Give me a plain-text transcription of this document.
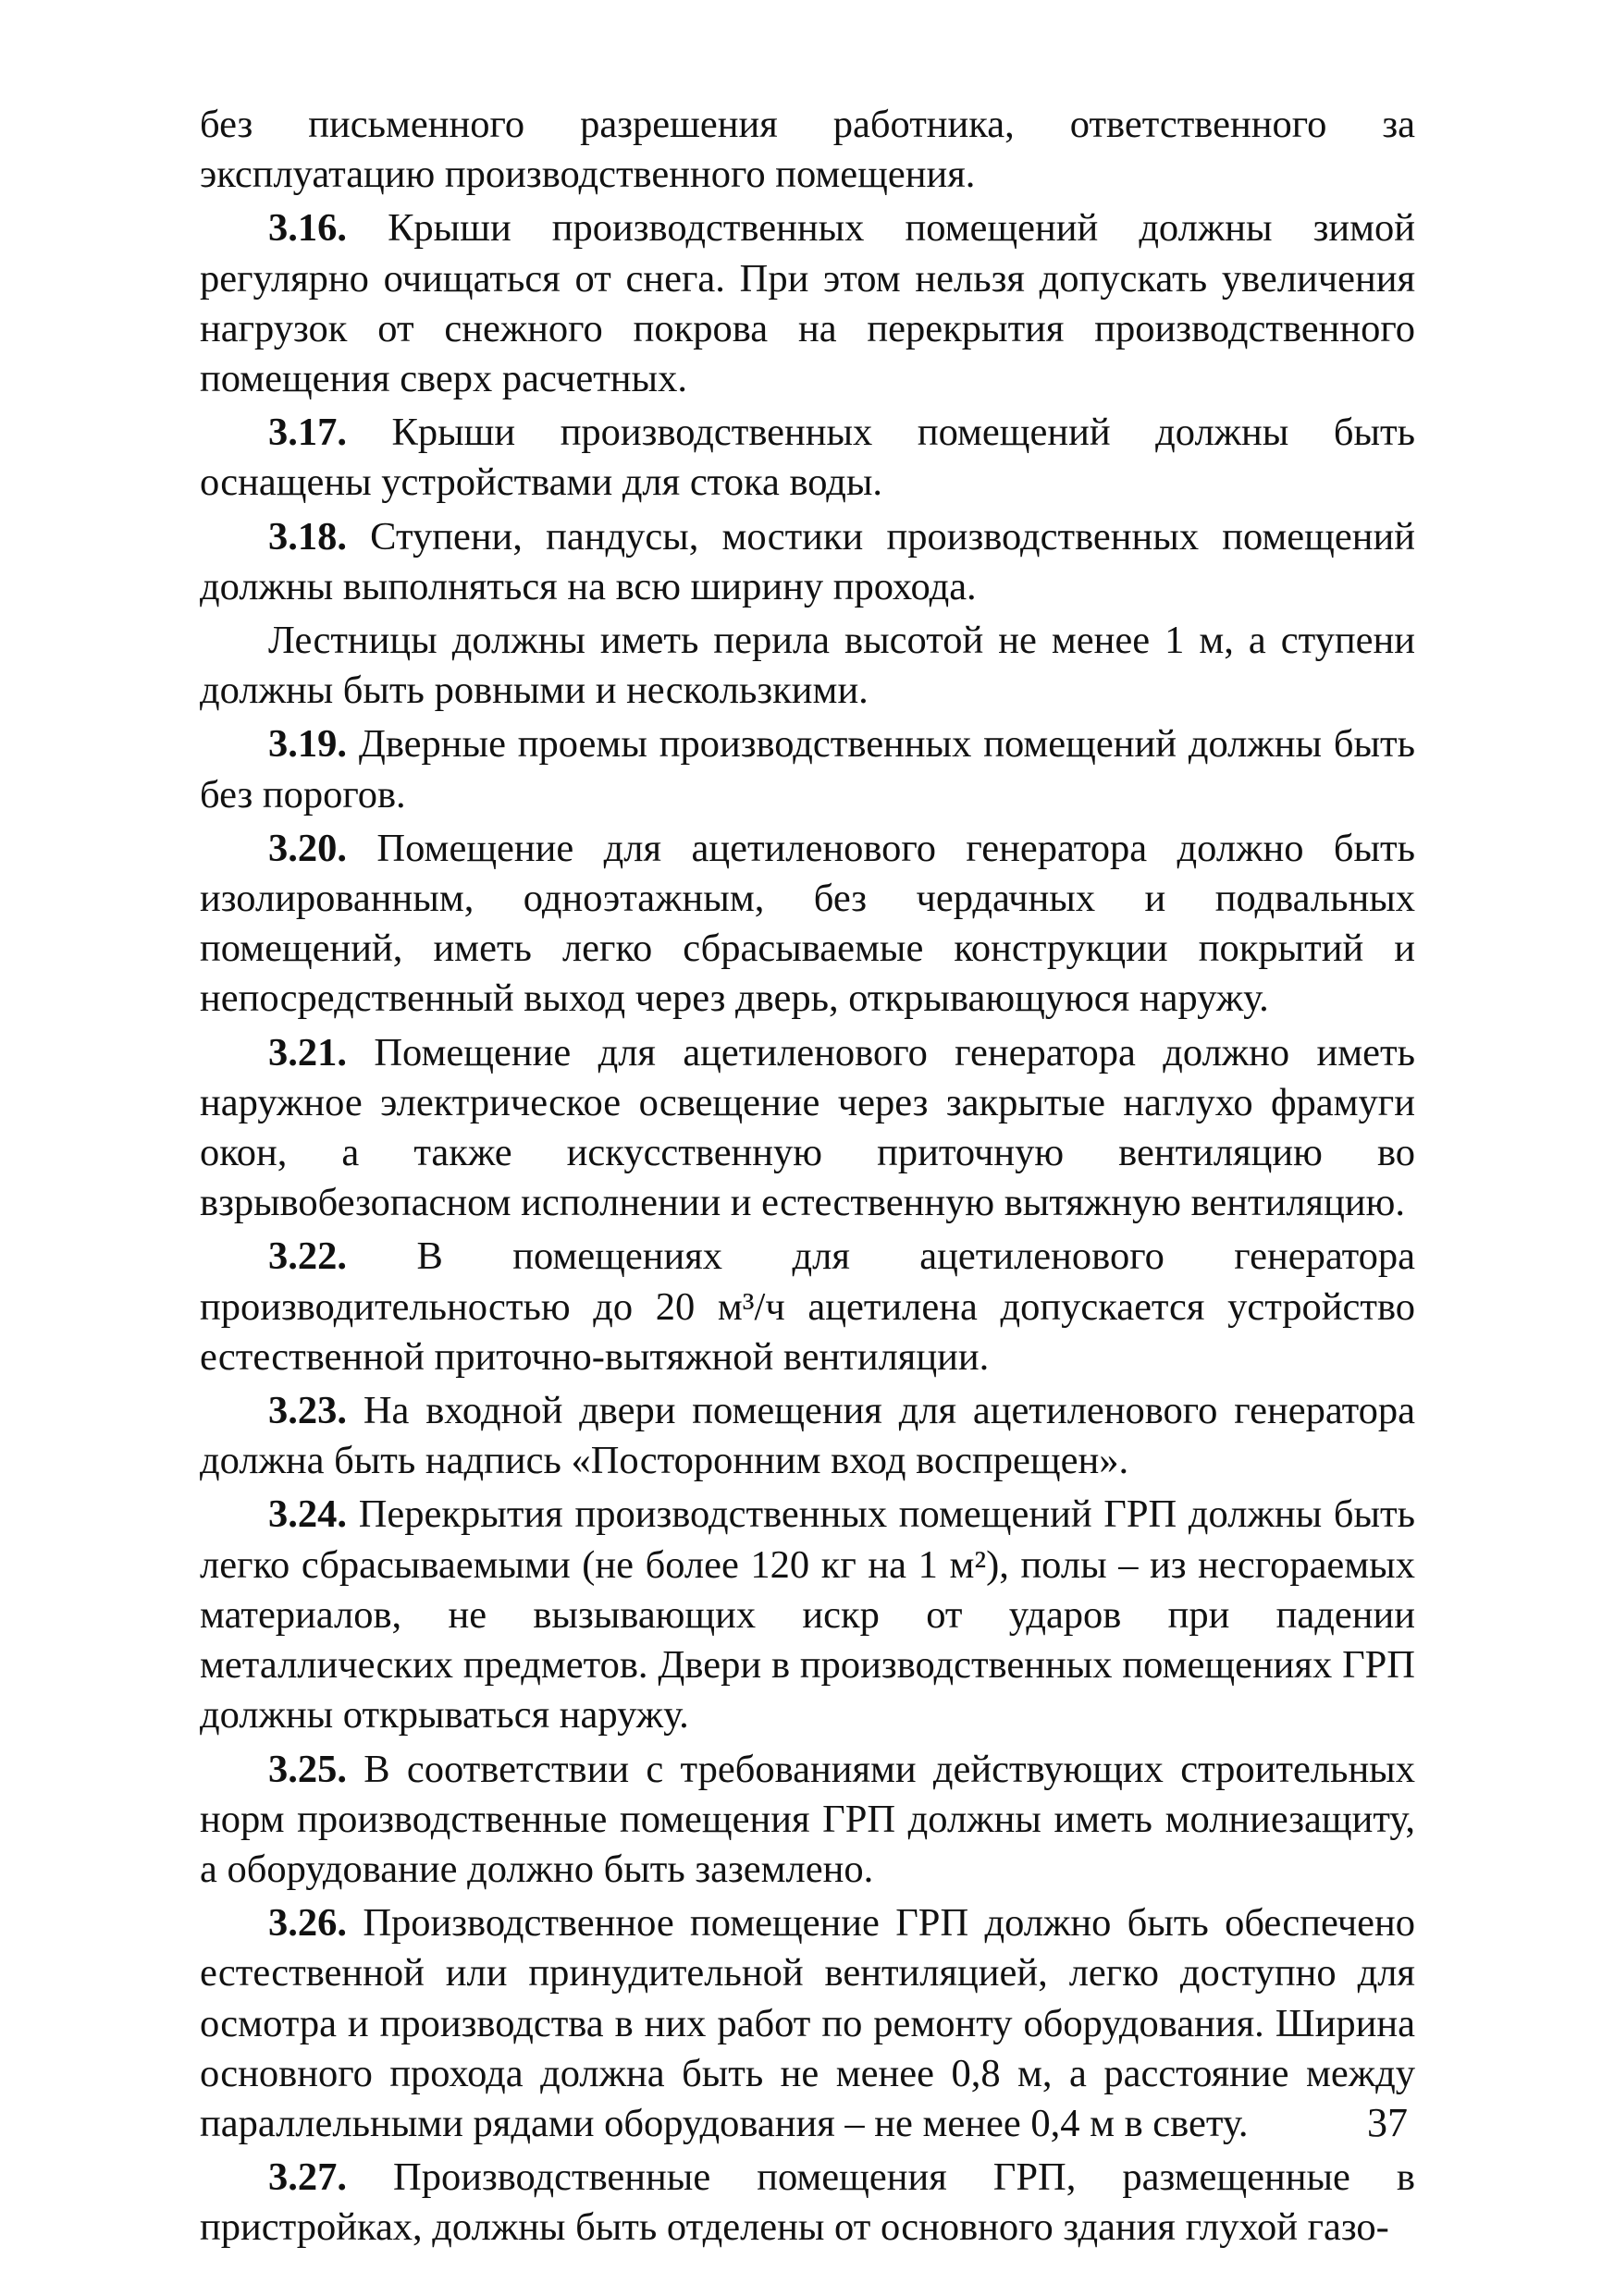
без письменного разрешения работника, ответственного за эксплуатацию производственного помещения.

3.16. Крыши производственных помещений должны зимой регулярно очищаться от снега. При этом нельзя допускать увеличения нагрузок от снежного покрова на перекрытия производственного помещения сверх расчетных.

3.17. Крыши производственных помещений должны быть оснащены устройствами для стока воды.

3.18. Ступени, пандусы, мостики производственных помещений должны выполняться на всю ширину прохода.

Лестницы должны иметь перила высотой не менее 1 м, а ступени должны быть ровными и нескользкими.

3.19. Дверные проемы производственных помещений должны быть без порогов.

3.20. Помещение для ацетиленового генератора должно быть изолированным, одноэтажным, без чердачных и подвальных помещений, иметь легко сбрасываемые конструкции покрытий и непосредственный выход через дверь, открывающуюся наружу.

3.21. Помещение для ацетиленового генератора должно иметь наружное электрическое освещение через закрытые наглухо фрамуги окон, а также искусственную приточную вентиляцию во взрывобезопасном исполнении и естественную вытяжную вентиляцию.

3.22. В помещениях для ацетиленового генератора производительностью до 20 м³/ч ацетилена допускается устройство естественной приточно-вытяжной вентиляции.

3.23. На входной двери помещения для ацетиленового генератора должна быть надпись «Посторонним вход воспрещен».

3.24. Перекрытия производственных помещений ГРП должны быть легко сбрасываемыми (не более 120 кг на 1 м²), полы – из несгораемых материалов, не вызывающих искр от ударов при падении металлических предметов. Двери в производственных помещениях ГРП должны открываться наружу.

3.25. В соответствии с требованиями действующих строительных норм производственные помещения ГРП должны иметь молниезащиту, а оборудование должно быть заземлено.

3.26. Производственное помещение ГРП должно быть обеспечено естественной или принудительной вентиляцией, легко доступно для осмотра и производства в них работ по ремонту оборудования. Ширина основного прохода должна быть не менее 0,8 м, а расстояние между параллельными рядами оборудования – не менее 0,4 м в свету.

3.27. Производственные помещения ГРП, размещенные в пристройках, должны быть отделены от основного здания глухой газо-

37
